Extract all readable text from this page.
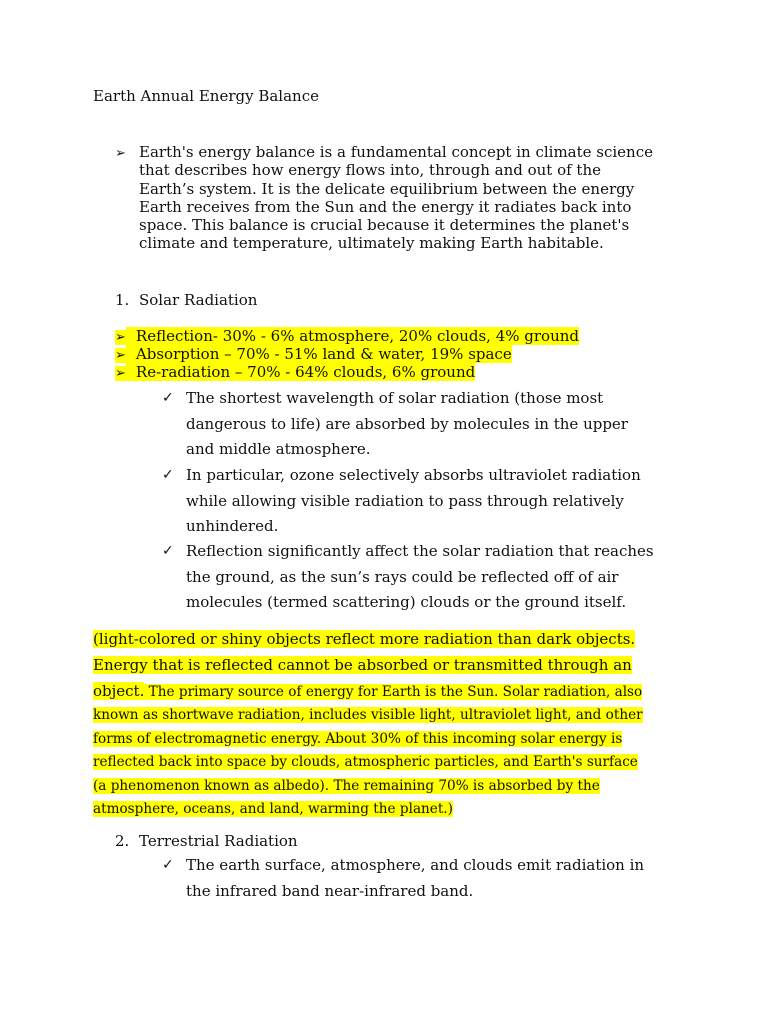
Earth Annual Energy Balance
➢ Earth's energy balance is a fundamental concept in climate science
that describes how energy flows into, through and out of the
Earth’s system. It is the delicate equilibrium between the energy
Earth receives from the Sun and the energy it radiates back into
space. This balance is crucial because it determines the planet's
climate and temperature, ultimately making Earth habitable.
1. Solar Radiation
➢ Reflection- 30% - 6% atmosphere, 20% clouds, 4% ground
➢ Absorption – 70% - 51% land & water, 19% space
➢ Re-radiation – 70% - 64% clouds, 6% ground
✓ The shortest wavelength of solar radiation (those most
dangerous to life) are absorbed by molecules in the upper
and middle atmosphere.
✓ In particular, ozone selectively absorbs ultraviolet radiation
while allowing visible radiation to pass through relatively
unhindered.
✓ Reflection significantly affect the solar radiation that reaches
the ground, as the sun’s rays could be reflected off of air
molecules (termed scattering) clouds or the ground itself.
(light-colored or shiny objects reflect more radiation than dark objects.
Energy that is reflected cannot be absorbed or transmitted through an
object. The primary source of energy for Earth is the Sun. Solar radiation, also
known as shortwave radiation, includes visible light, ultraviolet light, and other
forms of electromagnetic energy. About 30% of this incoming solar energy is
reflected back into space by clouds, atmospheric particles, and Earth's surface
(a phenomenon known as albedo). The remaining 70% is absorbed by the
atmosphere, oceans, and land, warming the planet.)
2. Terrestrial Radiation
✓ The earth surface, atmosphere, and clouds emit radiation in
the infrared band near-infrared band.
